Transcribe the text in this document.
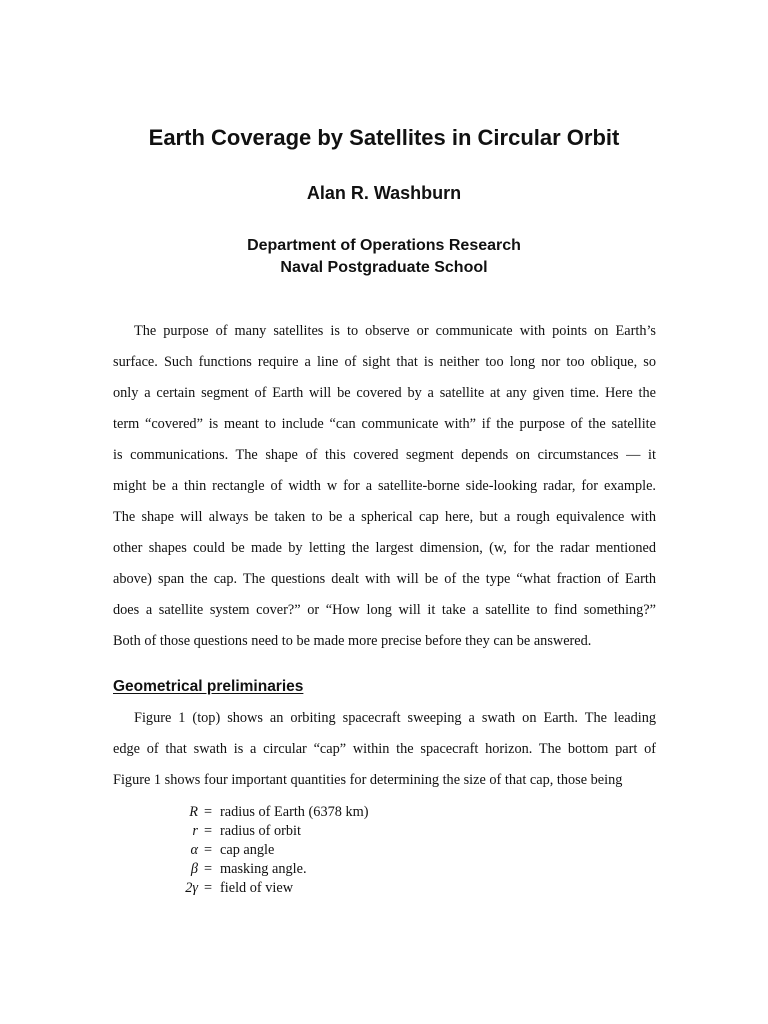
Earth Coverage by Satellites in Circular Orbit
Alan R. Washburn
Department of Operations Research
Naval Postgraduate School
The purpose of many satellites is to observe or communicate with points on Earth’s
surface. Such functions require a line of sight that is neither too long nor too oblique, so
only a certain segment of Earth will be covered by a satellite at any given time. Here the
term “covered” is meant to include “can communicate with” if the purpose of the satellite
is communications. The shape of this covered segment depends on circumstances — it
might be a thin rectangle of width w for a satellite-borne side-looking radar, for example.
The shape will always be taken to be a spherical cap here, but a rough equivalence with
other shapes could be made by letting the largest dimension, (w, for the radar mentioned
above) span the cap. The questions dealt with will be of the type “what fraction of Earth
does a satellite system cover?” or “How long will it take a satellite to find something?”
Both of those questions need to be made more precise before they can be answered.
Geometrical preliminaries
Figure 1 (top) shows an orbiting spacecraft sweeping a swath on Earth. The leading
edge of that swath is a circular “cap” within the spacecraft horizon. The bottom part of
Figure 1 shows four important quantities for determining the size of that cap, those being
R = radius of Earth (6378 km)
r = radius of orbit
α = cap angle
β = masking angle.
2γ = field of view
